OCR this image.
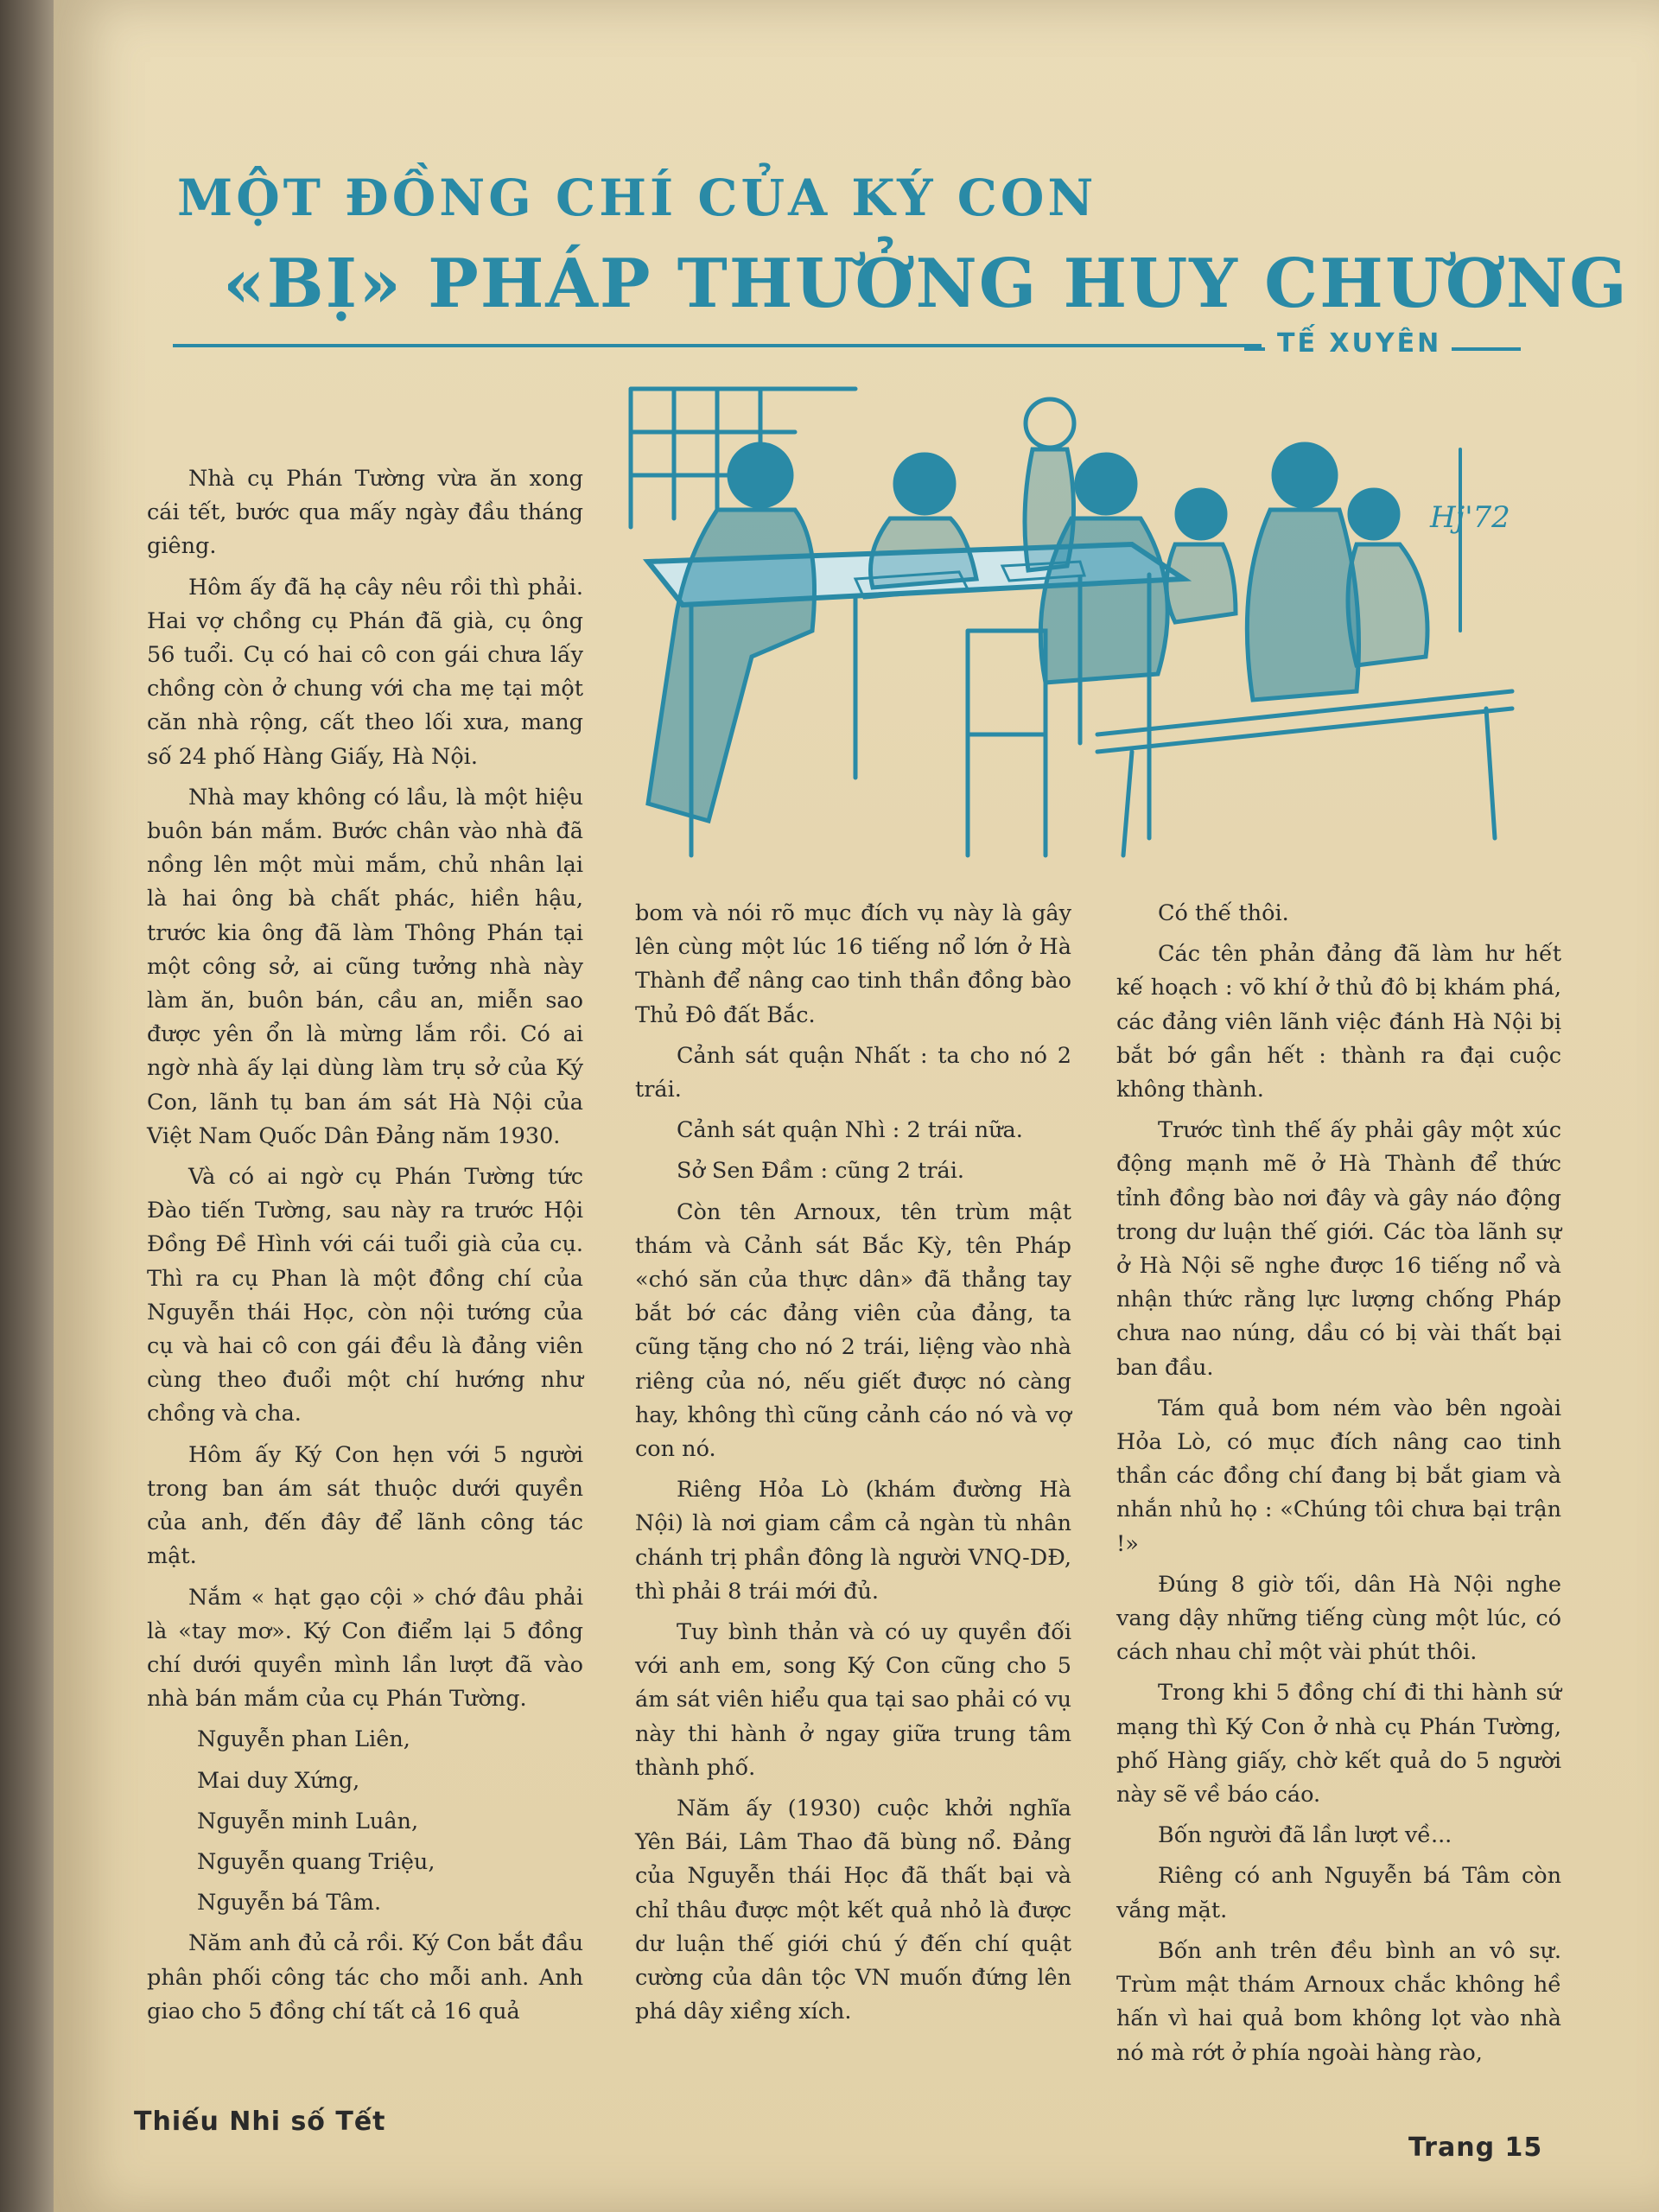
MỘT ĐỒNG CHÍ CỦA KÝ CON
«BỊ» PHÁP THƯỞNG HUY CHƯƠNG
TẾ XUYÊN
Hj'72

Nhà cụ Phán Tường vừa ăn xong cái tết, bước qua mấy ngày đầu tháng giêng.

Hôm ấy đã hạ cây nêu rồi thì phải. Hai vợ chồng cụ Phán đã già, cụ ông 56 tuổi. Cụ có hai cô con gái chưa lấy chồng còn ở chung với cha mẹ tại một căn nhà rộng, cất theo lối xưa, mang số 24 phố Hàng Giấy, Hà Nội.

Nhà may không có lầu, là một hiệu buôn bán mắm. Bước chân vào nhà đã nồng lên một mùi mắm, chủ nhân lại là hai ông bà chất phác, hiền hậu, trước kia ông đã làm Thông Phán tại một công sở, ai cũng tưởng nhà này làm ăn, buôn bán, cầu an, miễn sao được yên ổn là mừng lắm rồi. Có ai ngờ nhà ấy lại dùng làm trụ sở của Ký Con, lãnh tụ ban ám sát Hà Nội của Việt Nam Quốc Dân Đảng năm 1930.

Và có ai ngờ cụ Phán Tường tức Đào tiến Tường, sau này ra trước Hội Đồng Đề Hình với cái tuổi già của cụ. Thì ra cụ Phan là một đồng chí của Nguyễn thái Học, còn nội tướng của cụ và hai cô con gái đều là đảng viên cùng theo đuổi một chí hướng như chồng và cha.

Hôm ấy Ký Con hẹn với 5 người trong ban ám sát thuộc dưới quyền của anh, đến đây để lãnh công tác mật.

Nắm « hạt gạo cội » chớ đâu phải là «tay mơ». Ký Con điểm lại 5 đồng chí dưới quyền mình lần lượt đã vào nhà bán mắm của cụ Phán Tường.

Nguyễn phan Liên,

Mai duy Xứng,

Nguyễn minh Luân,

Nguyễn quang Triệu,

Nguyễn bá Tâm.

Năm anh đủ cả rồi. Ký Con bắt đầu phân phối công tác cho mỗi anh. Anh giao cho 5 đồng chí tất cả 16 quả

bom và nói rõ mục đích vụ này là gây lên cùng một lúc 16 tiếng nổ lớn ở Hà Thành để nâng cao tinh thần đồng bào Thủ Đô đất Bắc.

Cảnh sát quận Nhất : ta cho nó 2 trái.

Cảnh sát quận Nhì : 2 trái nữa.

Sở Sen Đầm : cũng 2 trái.

Còn tên Arnoux, tên trùm mật thám và Cảnh sát Bắc Kỳ, tên Pháp «chó săn của thực dân» đã thẳng tay bắt bớ các đảng viên của đảng, ta cũng tặng cho nó 2 trái, liệng vào nhà riêng của nó, nếu giết được nó càng hay, không thì cũng cảnh cáo nó và vợ con nó.

Riêng Hỏa Lò (khám đường Hà Nội) là nơi giam cầm cả ngàn tù nhân chánh trị phần đông là người VNQ-DĐ, thì phải 8 trái mới đủ.

Tuy bình thản và có uy quyền đối với anh em, song Ký Con cũng cho 5 ám sát viên hiểu qua tại sao phải có vụ này thi hành ở ngay giữa trung tâm thành phố.

Năm ấy (1930) cuộc khởi nghĩa Yên Bái, Lâm Thao đã bùng nổ. Đảng của Nguyễn thái Học đã thất bại và chỉ thâu được một kết quả nhỏ là được dư luận thế giới chú ý đến chí quật cường của dân tộc VN muốn đứng lên phá dây xiềng xích.

Có thế thôi.

Các tên phản đảng đã làm hư hết kế hoạch : võ khí ở thủ đô bị khám phá, các đảng viên lãnh việc đánh Hà Nội bị bắt bớ gần hết : thành ra đại cuộc không thành.

Trước tình thế ấy phải gây một xúc động mạnh mẽ ở Hà Thành để thức tỉnh đồng bào nơi đây và gây náo động trong dư luận thế giới. Các tòa lãnh sự ở Hà Nội sẽ nghe được 16 tiếng nổ và nhận thức rằng lực lượng chống Pháp chưa nao núng, dầu có bị vài thất bại ban đầu.

Tám quả bom ném vào bên ngoài Hỏa Lò, có mục đích nâng cao tinh thần các đồng chí đang bị bắt giam và nhắn nhủ họ : «Chúng tôi chưa bại trận !»

Đúng 8 giờ tối, dân Hà Nội nghe vang dậy những tiếng cùng một lúc, có cách nhau chỉ một vài phút thôi.

Trong khi 5 đồng chí đi thi hành sứ mạng thì Ký Con ở nhà cụ Phán Tường, phố Hàng giấy, chờ kết quả do 5 người này sẽ về báo cáo.

Bốn người đã lần lượt về...

Riêng có anh Nguyễn bá Tâm còn vắng mặt.

Bốn anh trên đều bình an vô sự. Trùm mật thám Arnoux chắc không hề hấn vì hai quả bom không lọt vào nhà nó mà rớt ở phía ngoài hàng rào,

Thiếu Nhi số Tết
Trang 15
